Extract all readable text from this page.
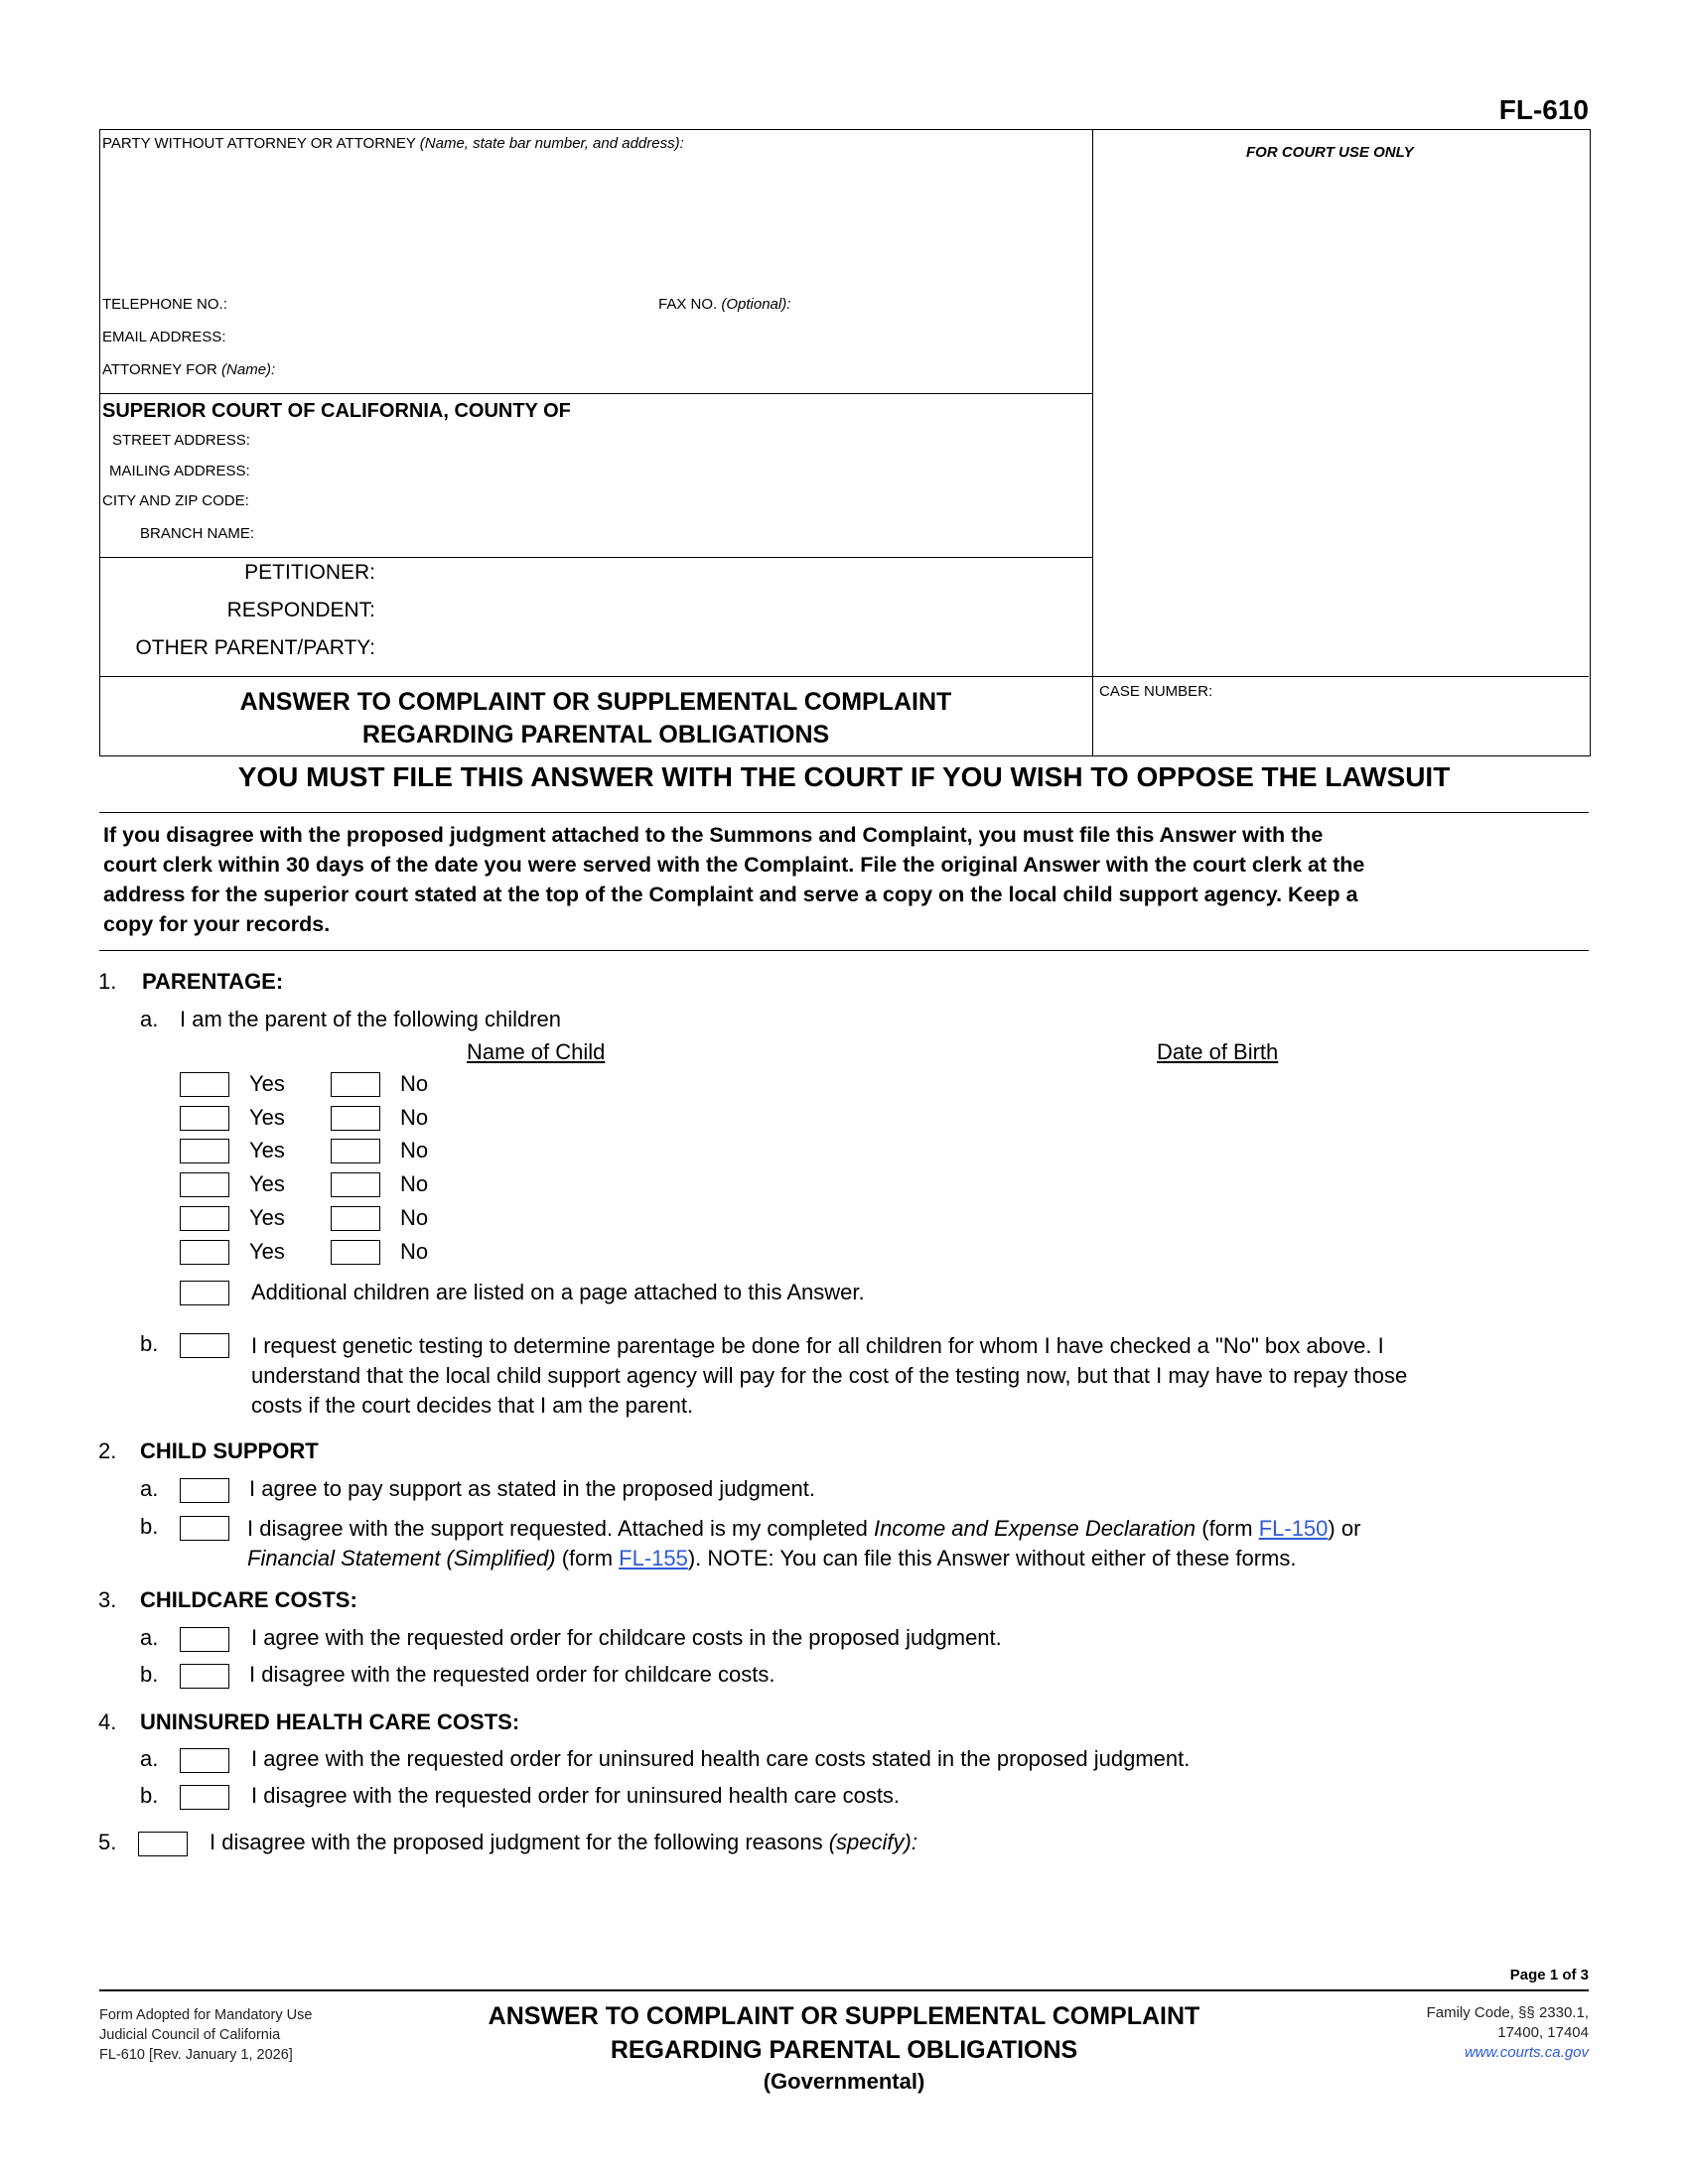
FL-610
PARTY WITHOUT ATTORNEY OR ATTORNEY (Name, state bar number, and address):
TELEPHONE NO.:	FAX NO. (Optional):
EMAIL ADDRESS:
ATTORNEY FOR (Name):
FOR COURT USE ONLY
SUPERIOR COURT OF CALIFORNIA, COUNTY OF
STREET ADDRESS:
MAILING ADDRESS:
CITY AND ZIP CODE:
BRANCH NAME:
PETITIONER:
RESPONDENT:
OTHER PARENT/PARTY:
ANSWER TO COMPLAINT OR SUPPLEMENTAL COMPLAINT
REGARDING PARENTAL OBLIGATIONS
CASE NUMBER:
YOU MUST FILE THIS ANSWER WITH THE COURT IF YOU WISH TO OPPOSE THE LAWSUIT
If you disagree with the proposed judgment attached to the Summons and Complaint, you must file this Answer with the
court clerk within 30 days of the date you were served with the Complaint. File the original Answer with the court clerk at the
address for the superior court stated at the top of the Complaint and serve a copy on the local child support agency. Keep a
copy for your records.
1. PARENTAGE:
a. I am the parent of the following children
Name of Child	Date of Birth
Yes	No
Yes	No
Yes	No
Yes	No
Yes	No
Yes	No
Additional children are listed on a page attached to this Answer.
b.	I request genetic testing to determine parentage be done for all children for whom I have checked a "No" box above. I
understand that the local child support agency will pay for the cost of the testing now, but that I may have to repay those
costs if the court decides that I am the parent.
2. CHILD SUPPORT
a.	I agree to pay support as stated in the proposed judgment.
b.	I disagree with the support requested. Attached is my completed Income and Expense Declaration (form FL-150) or
Financial Statement (Simplified) (form FL-155). NOTE: You can file this Answer without either of these forms.
3. CHILDCARE COSTS:
a.	I agree with the requested order for childcare costs in the proposed judgment.
b.	I disagree with the requested order for childcare costs.
4. UNINSURED HEALTH CARE COSTS:
a.	I agree with the requested order for uninsured health care costs stated in the proposed judgment.
b.	I disagree with the requested order for uninsured health care costs.
5.	I disagree with the proposed judgment for the following reasons (specify):
Page 1 of 3
Form Adopted for Mandatory Use
Judicial Council of California
FL-610 [Rev. January 1, 2026]
ANSWER TO COMPLAINT OR SUPPLEMENTAL COMPLAINT
REGARDING PARENTAL OBLIGATIONS
(Governmental)
Family Code, §§ 2330.1,
17400, 17404
www.courts.ca.gov
